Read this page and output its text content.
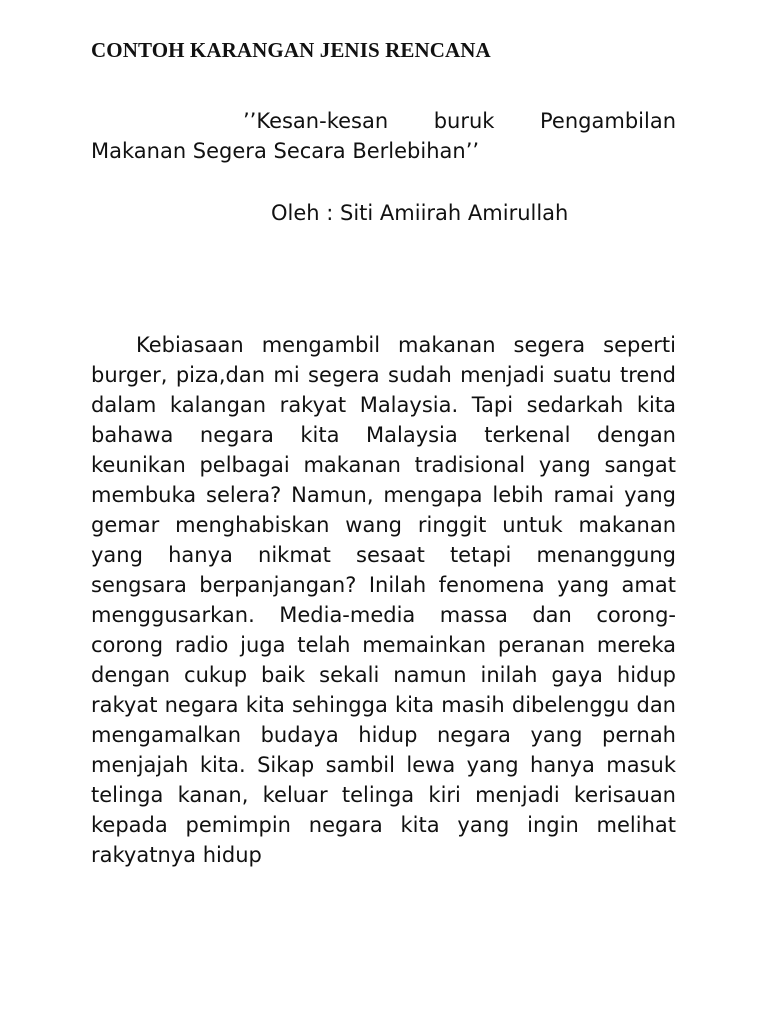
CONTOH KARANGAN JENIS RENCANA

’’Kesan-kesan buruk Pengambilan Makanan Segera Secara Berlebihan’’

Oleh : Siti Amiirah Amirullah

Kebiasaan mengambil makanan segera seperti burger, piza,dan mi segera sudah menjadi suatu trend dalam kalangan rakyat Malaysia. Tapi sedarkah kita bahawa negara kita Malaysia terkenal dengan keunikan pelbagai makanan tradisional yang sangat membuka selera? Namun, mengapa lebih ramai yang gemar menghabiskan wang ringgit untuk makanan yang hanya nikmat sesaat tetapi menanggung sengsara berpanjangan? Inilah fenomena yang amat menggusarkan. Media-media massa dan corong-corong radio juga telah memainkan peranan mereka dengan cukup baik sekali namun inilah gaya hidup rakyat negara kita sehingga kita masih dibelenggu dan mengamalkan budaya hidup negara yang pernah menjajah kita. Sikap sambil lewa yang hanya masuk telinga kanan, keluar telinga kiri menjadi kerisauan kepada pemimpin negara kita yang ingin melihat rakyatnya hidup
